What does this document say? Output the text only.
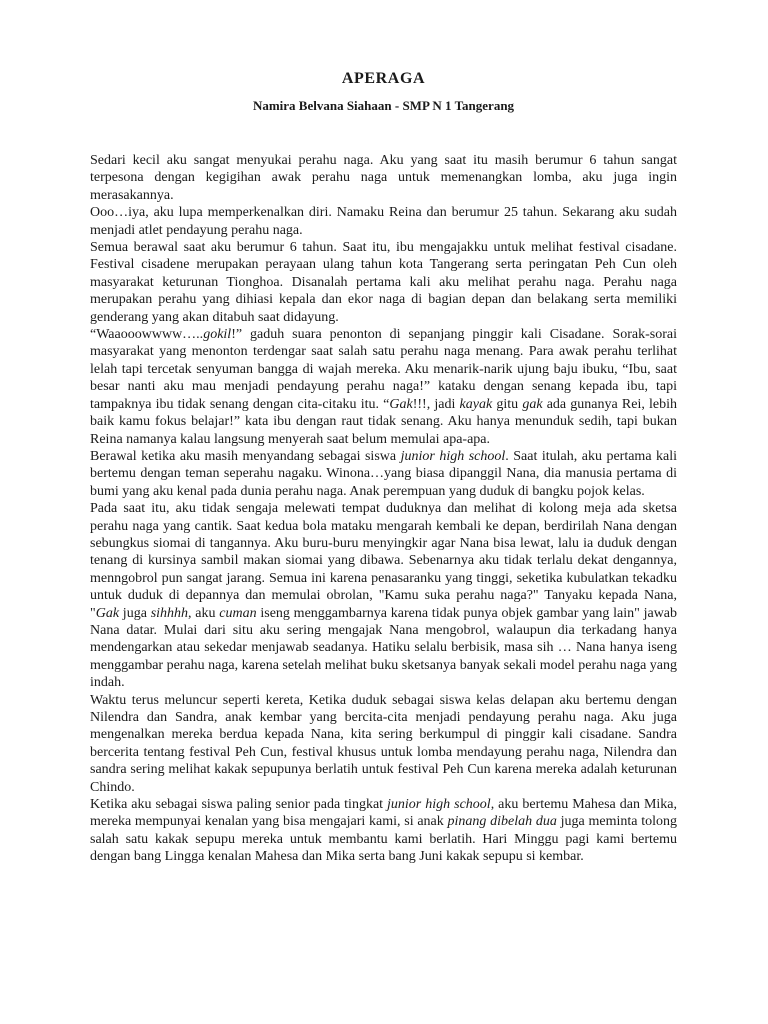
APERAGA
Namira Belvana Siahaan - SMP N 1 Tangerang

Sedari kecil aku sangat menyukai perahu naga. Aku yang saat itu masih berumur 6 tahun sangat terpesona dengan kegigihan awak perahu naga untuk memenangkan lomba, aku juga ingin merasakannya.

Ooo…iya, aku lupa memperkenalkan diri. Namaku Reina dan berumur 25 tahun. Sekarang aku sudah menjadi atlet pendayung perahu naga.

Semua berawal saat aku berumur 6 tahun. Saat itu, ibu mengajakku untuk melihat festival cisadane. Festival cisadene merupakan perayaan ulang tahun kota Tangerang serta peringatan Peh Cun oleh masyarakat keturunan Tionghoa. Disanalah pertama kali aku melihat perahu naga. Perahu naga merupakan perahu yang dihiasi kepala dan ekor naga di bagian depan dan belakang serta memiliki genderang yang akan ditabuh saat didayung.

“Waaooowwww…..gokil!” gaduh suara penonton di sepanjang pinggir kali Cisadane. Sorak-sorai masyarakat yang menonton terdengar saat salah satu perahu naga menang. Para awak perahu terlihat lelah tapi tercetak senyuman bangga di wajah mereka. Aku menarik-narik ujung baju ibuku, “Ibu, saat besar nanti aku mau menjadi pendayung perahu naga!” kataku dengan senang kepada ibu, tapi tampaknya ibu tidak senang dengan cita-citaku itu. “Gak!!!, jadi kayak gitu gak ada gunanya Rei, lebih baik kamu fokus belajar!” kata ibu dengan raut tidak senang. Aku hanya menunduk sedih, tapi bukan Reina namanya kalau langsung menyerah saat belum memulai apa-apa.

Berawal ketika aku masih menyandang sebagai siswa junior high school. Saat itulah, aku pertama kali bertemu dengan teman seperahu nagaku. Winona…yang biasa dipanggil Nana, dia manusia pertama di bumi yang aku kenal pada dunia perahu naga. Anak perempuan yang duduk di bangku pojok kelas.

Pada saat itu, aku tidak sengaja melewati tempat duduknya dan melihat di kolong meja ada sketsa perahu naga yang cantik. Saat kedua bola mataku mengarah kembali ke depan, berdirilah Nana dengan sebungkus siomai di tangannya. Aku buru-buru menyingkir agar Nana bisa lewat, lalu ia duduk dengan tenang di kursinya sambil makan siomai yang dibawa. Sebenarnya aku tidak terlalu dekat dengannya, menngobrol pun sangat jarang. Semua ini karena penasaranku yang tinggi, seketika kubulatkan tekadku untuk duduk di depannya dan memulai obrolan, "Kamu suka perahu naga?" Tanyaku kepada Nana, "Gak juga sihhhh, aku cuman iseng menggambarnya karena tidak punya objek gambar yang lain" jawab Nana datar. Mulai dari situ aku sering mengajak Nana mengobrol, walaupun dia terkadang hanya mendengarkan atau sekedar menjawab seadanya. Hatiku selalu berbisik, masa sih … Nana hanya iseng menggambar perahu naga, karena setelah melihat buku sketsanya banyak sekali model perahu naga yang indah.

Waktu terus meluncur seperti kereta, Ketika duduk sebagai siswa kelas delapan aku bertemu dengan Nilendra dan Sandra, anak kembar yang bercita-cita menjadi pendayung perahu naga. Aku juga mengenalkan mereka berdua kepada Nana, kita sering berkumpul di pinggir kali cisadane. Sandra bercerita tentang festival Peh Cun, festival khusus untuk lomba mendayung perahu naga, Nilendra dan sandra sering melihat kakak sepupunya berlatih untuk festival Peh Cun karena mereka adalah keturunan Chindo.

Ketika aku sebagai siswa paling senior pada tingkat junior high school, aku bertemu Mahesa dan Mika, mereka mempunyai kenalan yang bisa mengajari kami, si anak pinang dibelah dua juga meminta tolong salah satu kakak sepupu mereka untuk membantu kami berlatih. Hari Minggu pagi kami bertemu dengan bang Lingga kenalan Mahesa dan Mika serta bang Juni kakak sepupu si kembar.
